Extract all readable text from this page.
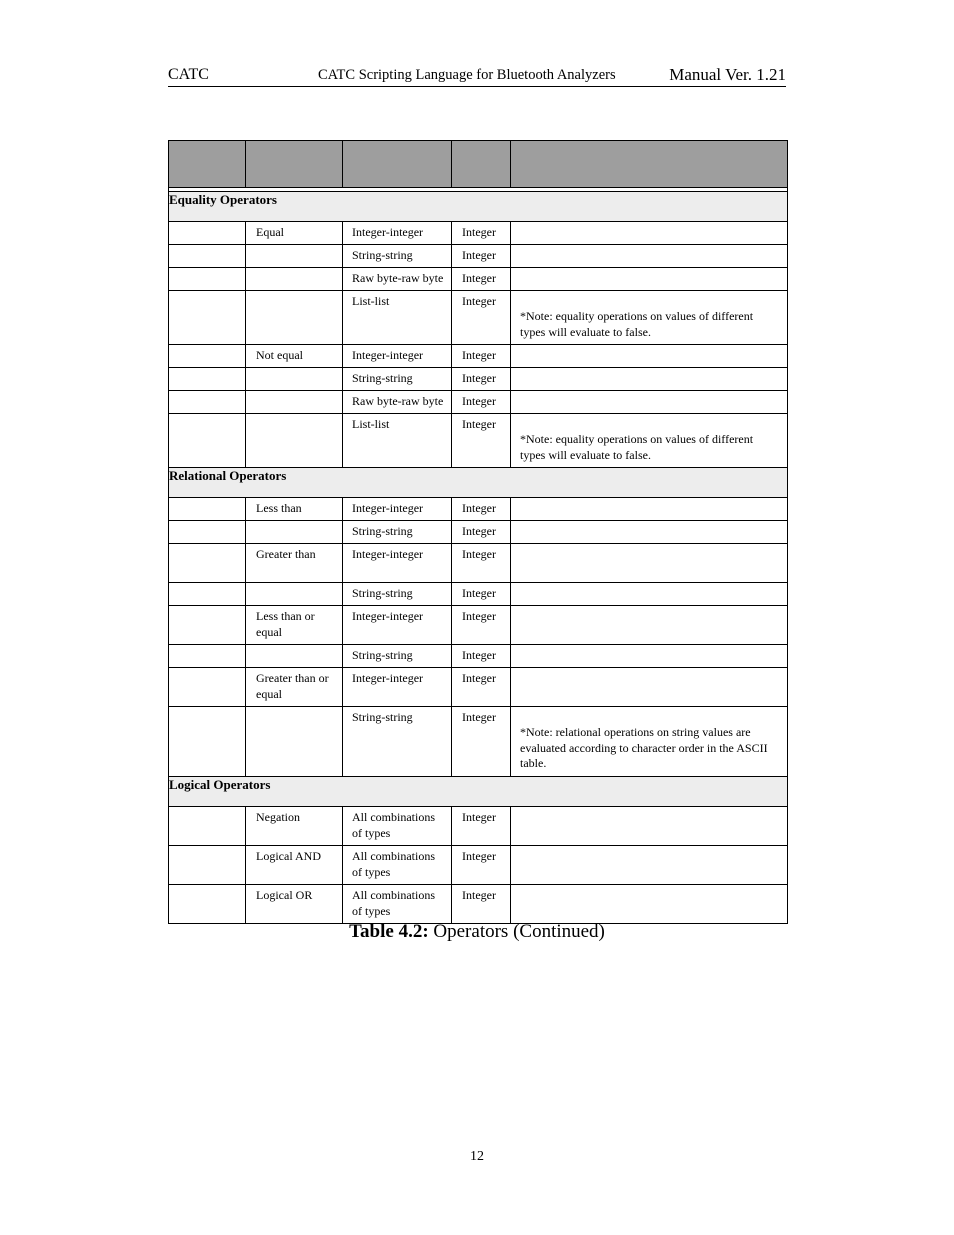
CATC	CATC Scripting Language for Bluetooth Analyzers	Manual Ver. 1.21

Equality Operators				

	Equal	Integer-integer	Integer	

		String-string	Integer	

		Raw byte-raw byte	Integer	

		List-list	Integer	*Note: equality operations on values of different types will evaluate to false.

	Not equal	Integer-integer	Integer	

		String-string	Integer	

		Raw byte-raw byte	Integer	

		List-list	Integer	*Note: equality operations on values of different types will evaluate to false.

Relational Operators				

	Less than	Integer-integer	Integer	

		String-string	Integer	

	Greater than	Integer-integer	Integer	

		String-string	Integer	

	Less than or equal	Integer-integer	Integer	

		String-string	Integer	

	Greater than or equal	Integer-integer	Integer	

		String-string	Integer	*Note: relational operations on string values are evaluated according to character order in the ASCII table.

Logical Operators				

	Negation	All combinations of types	Integer	

	Logical AND	All combinations of types	Integer	

	Logical OR	All combinations of types	Integer	

Table 4.2: Operators (Continued)
12
